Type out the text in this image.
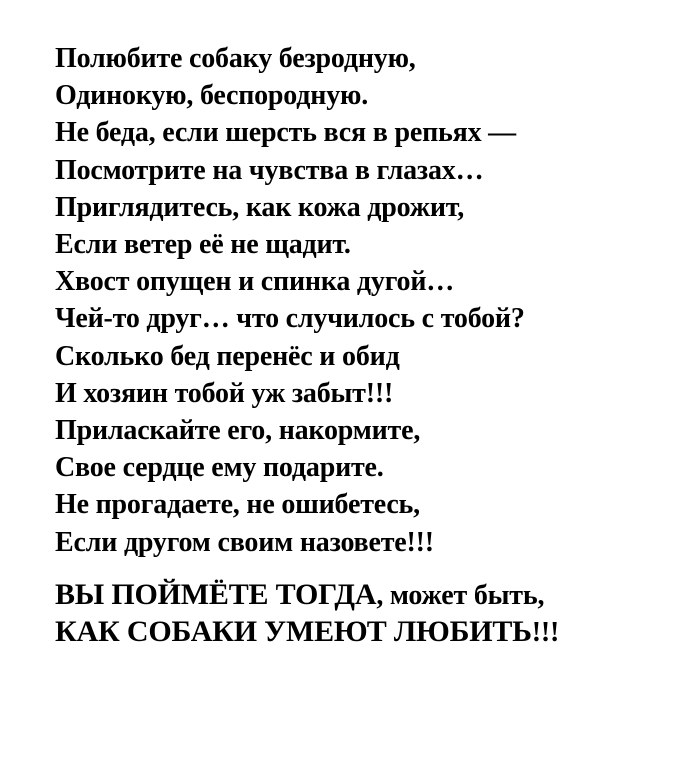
Полюбите собаку безродную,
Одинокую, беспородную.
Не беда, если шерсть вся в репьях —
Посмотрите на чувства в глазах…
Приглядитесь, как кожа дрожит,
Если ветер её не щадит.
Хвост опущен и спинка дугой…
Чей-то друг… что случилось с тобой?
Сколько бед перенёс и обид
И хозяин тобой уж забыт!!!
Приласкайте его, накормите,
Свое сердце ему подарите.
Не прогадаете, не ошибетесь,
Если другом своим назовете!!!
ВЫ ПОЙМЁТЕ ТОГДА, может быть,
КАК СОБАКИ УМЕЮТ ЛЮБИТЬ!!!
